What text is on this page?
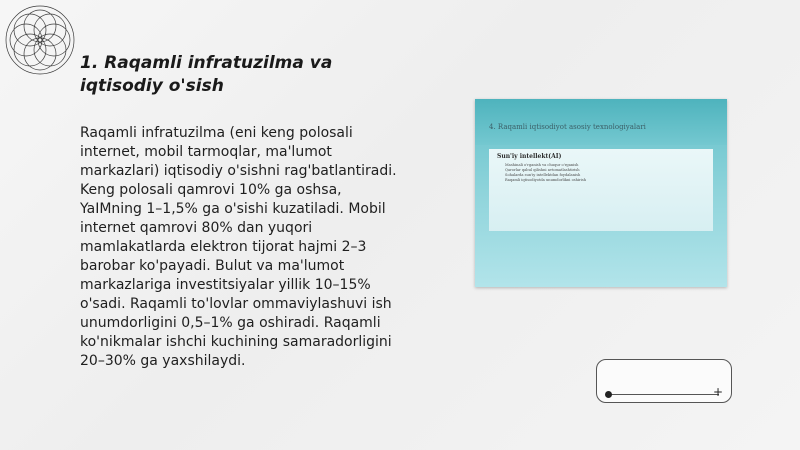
1. Raqamli infratuzilma va iqtisodiy o'sish

Raqamli infratuzilma (eni keng polosali internet, mobil tarmoqlar, ma'lumot markazlari) iqtisodiy o'sishni rag'batlantiradi. Keng polosali qamrovi 10% ga oshsa, YaIMning 1–1,5% ga o'sishi kuzatiladi. Mobil internet qamrovi 80% dan yuqori mamlakatlarda elektron tijorat hajmi 2–3 barobar ko'payadi. Bulut va ma'lumot markazlariga investitsiyalar yillik 10–15% o'sadi. Raqamli to'lovlar ommaviylashuvi ish unumdorligini 0,5–1% ga oshiradi. Raqamli ko'nikmalar ishchi kuchining samaradorligini 20–30% ga yaxshilaydi.

4. Raqamli iqtisodiyot asosiy texnologiyalari
Sun'iy intellekt(AI)
Mashinali o'rganish va chuqur o'rganish
Qarorlar qabul qilishni avtomatlashtirish
Sohalarda sun'iy intellektdan foydalanish
Raqamli iqtisodiyotda unumdorlikni oshirish
+
